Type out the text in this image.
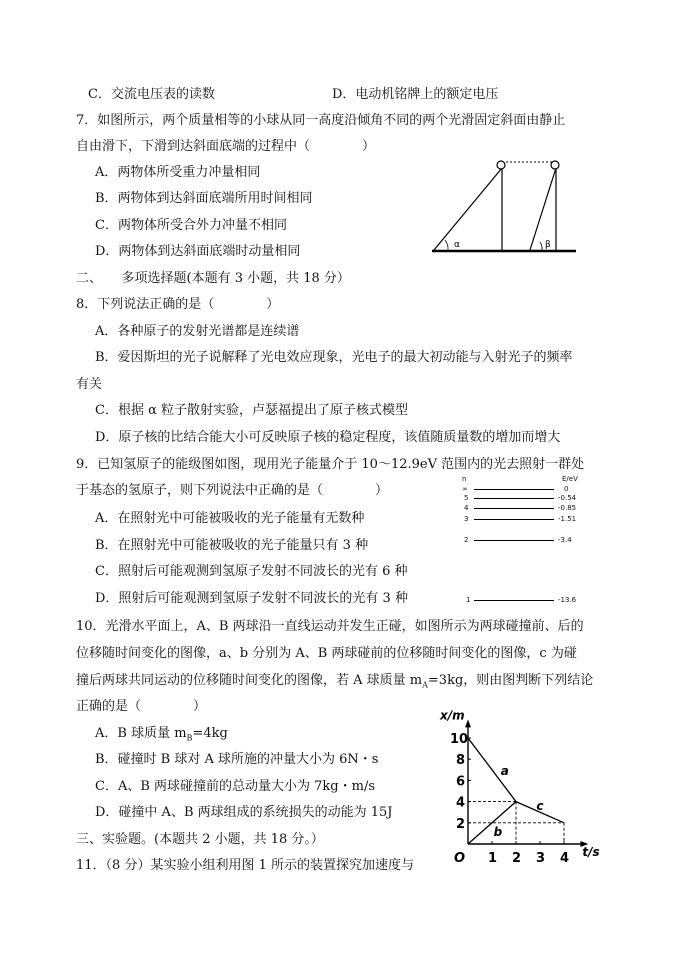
C．交流电压表的读数	D．电动机铭牌上的额定电压
7．如图所示，两个质量相等的小球从同一高度沿倾角不同的两个光滑固定斜面由静止
自由滑下，下滑到达斜面底端的过程中（　　　　）
A．两物体所受重力冲量相同
B．两物体到达斜面底端所用时间相同
C．两物体所受合外力冲量不相同
D．两物体到达斜面底端时动量相同	α	β
二、　　多项选择题(本题有 3 小题，共 18 分）
8．下列说法正确的是（　　　　）
A．各种原子的发射光谱都是连续谱
B．爱因斯坦的光子说解释了光电效应现象，光电子的最大初动能与入射光子的频率
有关
C．根据 α 粒子散射实验，卢瑟福提出了原子核式模型
D．原子核的比结合能大小可反映原子核的稳定程度，该值随质量数的增加而增大
9．已知氢原子的能级图如图，现用光子能量介于 10～12.9eV 范围内的光去照射一群处
于基态的氢原子，则下列说法中正确的是（　　　　）
A．在照射光中可能被吸收的光子能量有无数种
B．在照射光中可能被吸收的光子能量只有 3 种
C．照射后可能观测到氢原子发射不同波长的光有 6 种
D．照射后可能观测到氢原子发射不同波长的光有 3 种
n	E/eV
∞	0
5	-0.54
4	-0.85
3	-1.51
2	-3.4
1	-13.6
10．光滑水平面上，A、B 两球沿一直线运动并发生正碰，如图所示为两球碰撞前、后的
位移随时间变化的图像，a、b 分别为 A、B 两球碰前的位移随时间变化的图像，c 为碰
撞后两球共同运动的位移随时间变化的图像，若 A 球质量 $m_A=3kg$，则由图判断下列结论
正确的是（　　　　）
A．B 球质量 $m_B=4kg$
B．碰撞时 B 球对 A 球所施的冲量大小为 6N・s
C．A、B 两球碰撞前的总动量大小为 7kg・m/s
D．碰撞中 A、B 两球组成的系统损失的动能为 15J
三、实验题。(本题共 2 小题，共 18 分。）
11．（8 分）某实验小组利用图 1 所示的装置探究加速度与
x/m
t/s
O 1 2 3 4
2
4
6
8
10
a
b
c
